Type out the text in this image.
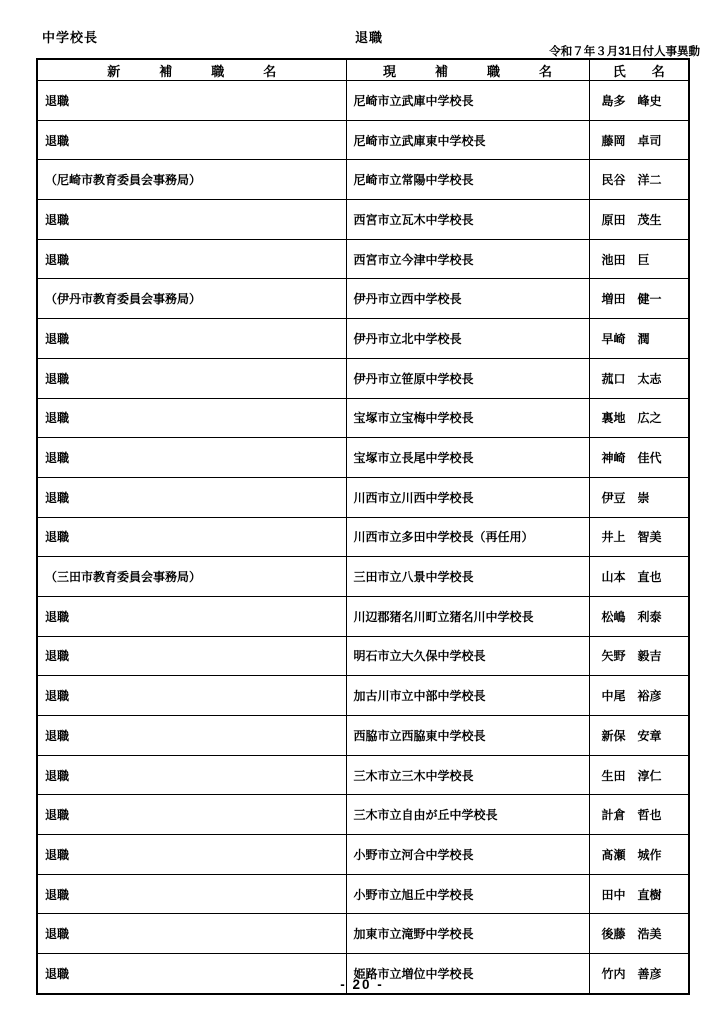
中学校長	退職
令和７年３月31日付人事異動
新　　　補　　　職　　　名	現　　　補　　　職　　　名	氏　　名
退職	尼崎市立武庫中学校長	島多　峰史
退職	尼崎市立武庫東中学校長	藤岡　卓司
（尼崎市教育委員会事務局）	尼崎市立常陽中学校長	民谷　洋二
退職	西宮市立瓦木中学校長	原田　茂生
退職	西宮市立今津中学校長	池田　巨
（伊丹市教育委員会事務局）	伊丹市立西中学校長	増田　健一
退職	伊丹市立北中学校長	早崎　潤
退職	伊丹市立笹原中学校長	菰口　太志
退職	宝塚市立宝梅中学校長	裏地　広之
退職	宝塚市立長尾中学校長	神崎　佳代
退職	川西市立川西中学校長	伊豆　崇
退職	川西市立多田中学校長（再任用）	井上　智美
（三田市教育委員会事務局）	三田市立八景中学校長	山本　直也
退職	川辺郡猪名川町立猪名川中学校長	松嶋　利泰
退職	明石市立大久保中学校長	矢野　毅吉
退職	加古川市立中部中学校長	中尾　裕彦
退職	西脇市立西脇東中学校長	新保　安章
退職	三木市立三木中学校長	生田　淳仁
退職	三木市立自由が丘中学校長	計倉　哲也
退職	小野市立河合中学校長	髙瀬　城作
退職	小野市立旭丘中学校長	田中　直樹
退職	加東市立滝野中学校長	後藤　浩美
退職	姫路市立増位中学校長	竹内　善彦
- 20 -
